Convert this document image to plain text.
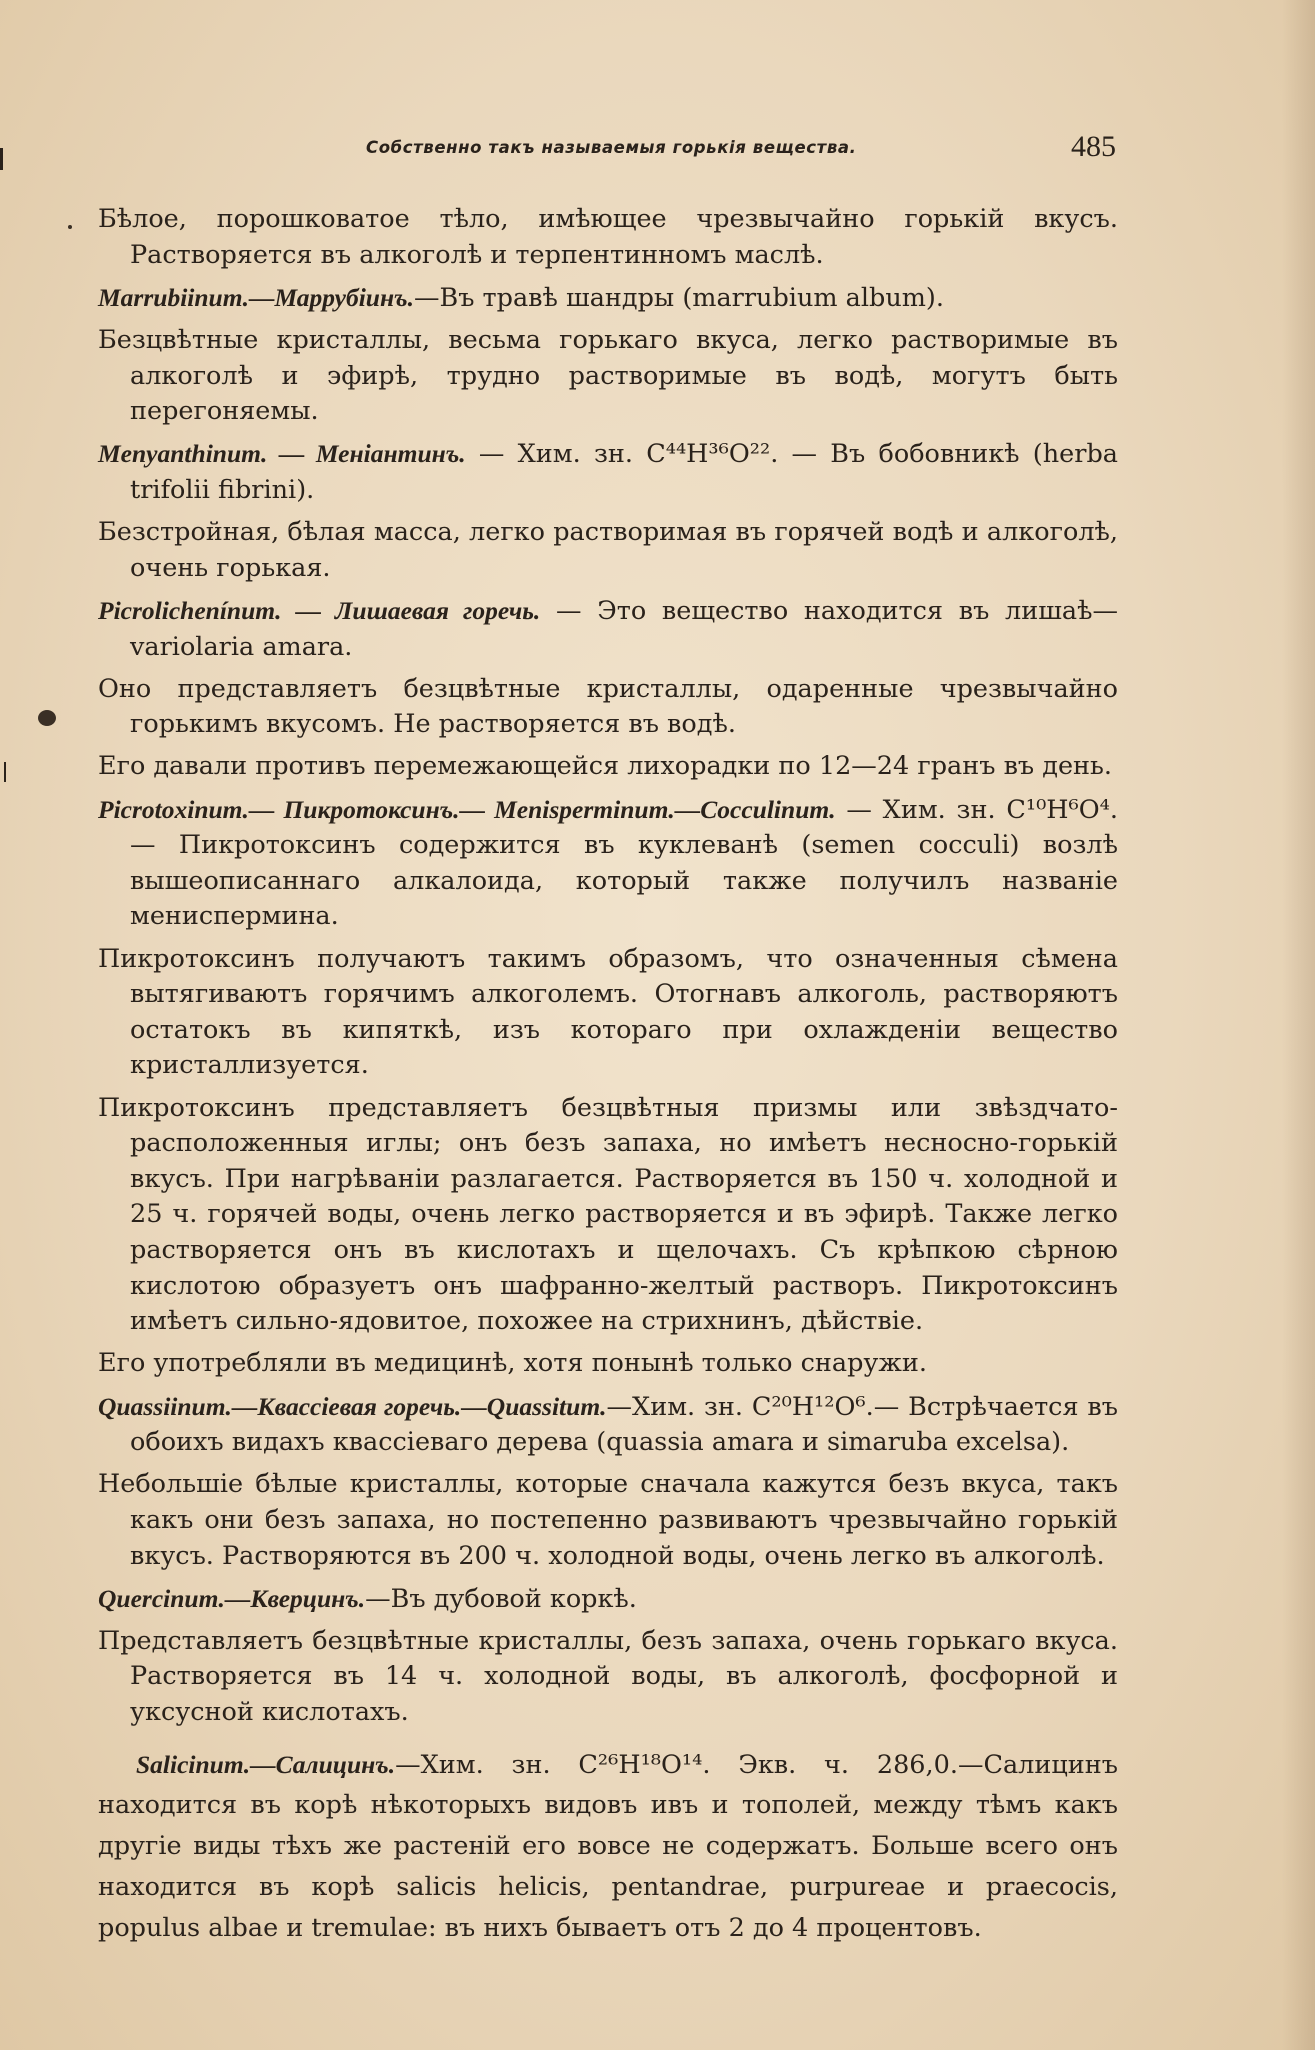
Собственно такъ называемыя горькія вещества.	485

Бѣлое, порошковатое тѣло, имѣющее чрезвычайно горькій вкусъ. Растворяется въ алкоголѣ и терпентинномъ маслѣ.

Marrubiinum.—Маррубіинъ.—Въ травѣ шандры (marrubium album).

Безцвѣтные кристаллы, весьма горькаго вкуса, легко растворимые въ алкоголѣ и эфирѣ, трудно растворимые въ водѣ, могутъ быть перегоняемы.

Menyanthinum. — Меніантинъ. — Хим. зн. C⁴⁴H³⁶O²². — Въ бобовникѣ (herba trifolii fibrini).

Безстройная, бѣлая масса, легко растворимая въ горячей водѣ и алкоголѣ, очень горькая.

Picrolichenínum. — Лишаевая горечь. — Это вещество находится въ лишаѣ—variolaria amara.

Оно представляетъ безцвѣтные кристаллы, одаренные чрезвычайно горькимъ вкусомъ. Не растворяется въ водѣ.

Его давали противъ перемежающейся лихорадки по 12—24 гранъ въ день.

Picrotoxinum.— Пикротоксинъ.— Menisperminum.—Cocculinum. — Хим. зн. C¹⁰H⁶O⁴. — Пикротоксинъ содержится въ куклеванѣ (semen cocculi) возлѣ вышеописаннаго алкалоида, который также получилъ названіе мениспермина.

Пикротоксинъ получаютъ такимъ образомъ, что означенныя сѣмена вытягиваютъ горячимъ алкоголемъ. Отогнавъ алкоголь, растворяютъ остатокъ въ кипяткѣ, изъ котораго при охлажденіи вещество кристаллизуется.

Пикротоксинъ представляетъ безцвѣтныя призмы или звѣздчато-расположенныя иглы; онъ безъ запаха, но имѣетъ несносно-горькій вкусъ. При нагрѣваніи разлагается. Растворяется въ 150 ч. холодной и 25 ч. горячей воды, очень легко растворяется и въ эфирѣ. Также легко растворяется онъ въ кислотахъ и щелочахъ. Съ крѣпкою сѣрною кислотою образуетъ онъ шафранно-желтый растворъ. Пикротоксинъ имѣетъ сильно-ядовитое, похожее на стрихнинъ, дѣйствіе.

Его употребляли въ медицинѣ, хотя понынѣ только снаружи.

Quassiinum.—Квассіевая горечь.—Quassitum.—Хим. зн. C²⁰H¹²O⁶.— Встрѣчается въ обоихъ видахъ квассіеваго дерева (quassia amara и simaruba excelsa).

Небольшіе бѣлые кристаллы, которые сначала кажутся безъ вкуса, такъ какъ они безъ запаха, но постепенно развиваютъ чрезвычайно горькій вкусъ. Растворяются въ 200 ч. холодной воды, очень легко въ алкоголѣ.

Quercinum.—Кверцинъ.—Въ дубовой коркѣ.

Представляетъ безцвѣтные кристаллы, безъ запаха, очень горькаго вкуса. Растворяется въ 14 ч. холодной воды, въ алкоголѣ, фосфорной и уксусной кислотахъ.

Salicinum.—Салицинъ.—Хим. зн. C²⁶H¹⁸O¹⁴. Экв. ч. 286,0.—Салицинъ находится въ корѣ нѣкоторыхъ видовъ ивъ и тополей, между тѣмъ какъ другіе виды тѣхъ же растеній его вовсе не содержатъ. Больше всего онъ находится въ корѣ salicis helicis, pentandrae, purpureae и praecocis, populus albae и tremulae: въ нихъ бываетъ отъ 2 до 4 процентовъ.
